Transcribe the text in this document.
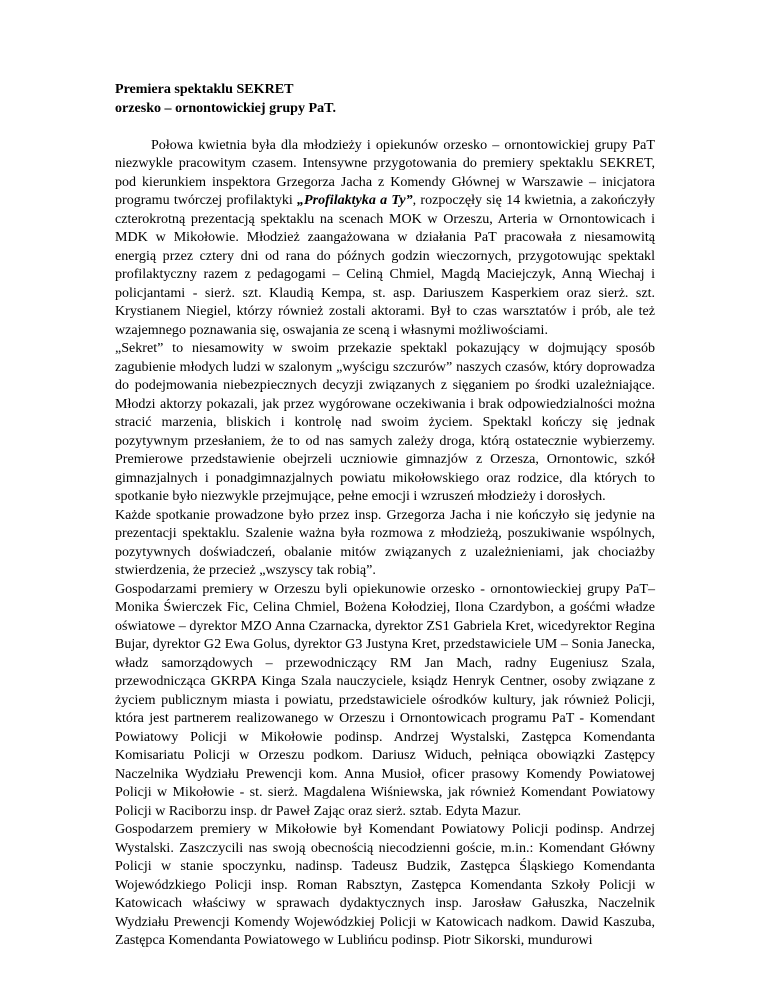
Premiera spektaklu SEKRET

orzesko – ornontowickiej grupy PaT.

Połowa kwietnia była dla młodzieży i opiekunów orzesko – ornontowickiej grupy PaT niezwykle pracowitym czasem. Intensywne przygotowania do premiery spektaklu SEKRET, pod kierunkiem inspektora Grzegorza Jacha z Komendy Głównej w Warszawie – inicjatora programu twórczej profilaktyki „Profilaktyka a Ty”, rozpoczęły się 14 kwietnia, a zakończyły czterokrotną prezentacją spektaklu na scenach MOK w Orzeszu, Arteria w Ornontowicach i MDK w Mikołowie. Młodzież zaangażowana w działania PaT pracowała z niesamowitą energią przez cztery dni od rana do późnych godzin wieczornych, przygotowując spektakl profilaktyczny razem z pedagogami – Celiną Chmiel, Magdą Maciejczyk, Anną Wiechaj i policjantami - sierż. szt. Klaudią Kempa, st. asp. Dariuszem Kasperkiem oraz sierż. szt. Krystianem Niegiel, którzy również zostali aktorami. Był to czas warsztatów i prób, ale też wzajemnego poznawania się, oswajania ze sceną i własnymi możliwościami.

„Sekret” to niesamowity w swoim przekazie spektakl pokazujący w dojmujący sposób zagubienie młodych ludzi w szalonym „wyścigu szczurów” naszych czasów, który doprowadza do podejmowania niebezpiecznych decyzji związanych z sięganiem po środki uzależniające. Młodzi aktorzy pokazali, jak przez wygórowane oczekiwania i brak odpowiedzialności można stracić marzenia, bliskich i kontrolę nad swoim życiem. Spektakl kończy się jednak pozytywnym przesłaniem, że to od nas samych zależy droga, którą ostatecznie wybierzemy. Premierowe przedstawienie obejrzeli uczniowie gimnazjów z Orzesza, Ornontowic, szkół gimnazjalnych i ponadgimnazjalnych powiatu mikołowskiego oraz rodzice, dla których to spotkanie było niezwykle przejmujące, pełne emocji i wzruszeń młodzieży i dorosłych.

Każde spotkanie prowadzone było przez insp. Grzegorza Jacha i nie kończyło się jedynie na prezentacji spektaklu. Szalenie ważna była rozmowa z młodzieżą, poszukiwanie wspólnych, pozytywnych doświadczeń, obalanie mitów związanych z uzależnieniami, jak chociażby stwierdzenia, że przecież „wszyscy tak robią”.

Gospodarzami premiery w Orzeszu byli opiekunowie orzesko - ornontowieckiej grupy PaT– Monika Świerczek Fic, Celina Chmiel, Bożena Kołodziej, Ilona Czardybon, a gośćmi władze oświatowe – dyrektor MZO Anna Czarnacka, dyrektor ZS1 Gabriela Kret, wicedyrektor Regina Bujar, dyrektor G2 Ewa Golus, dyrektor G3 Justyna Kret, przedstawiciele UM – Sonia Janecka, władz samorządowych – przewodniczący RM Jan Mach, radny Eugeniusz Szala, przewodnicząca GKRPA Kinga Szala nauczyciele, ksiądz Henryk Centner, osoby związane z życiem publicznym miasta i powiatu, przedstawiciele ośrodków kultury, jak również Policji, która jest partnerem realizowanego w Orzeszu i Ornontowicach programu PaT - Komendant Powiatowy Policji w Mikołowie podinsp. Andrzej Wystalski, Zastępca Komendanta Komisariatu Policji w Orzeszu podkom. Dariusz Widuch, pełniąca obowiązki Zastępcy Naczelnika Wydziału Prewencji kom. Anna Musioł, oficer prasowy Komendy Powiatowej Policji w Mikołowie - st. sierż. Magdalena Wiśniewska, jak również Komendant Powiatowy Policji w Raciborzu insp. dr Paweł Zając oraz sierż. sztab. Edyta Mazur.

Gospodarzem premiery w Mikołowie był Komendant Powiatowy Policji podinsp. Andrzej Wystalski. Zaszczycili nas swoją obecnością niecodzienni goście, m.in.: Komendant Główny Policji w stanie spoczynku, nadinsp. Tadeusz Budzik, Zastępca Śląskiego Komendanta Wojewódzkiego Policji insp. Roman Rabsztyn, Zastępca Komendanta Szkoły Policji w Katowicach właściwy w sprawach dydaktycznych insp. Jarosław Gałuszka, Naczelnik Wydziału Prewencji Komendy Wojewódzkiej Policji w Katowicach nadkom. Dawid Kaszuba, Zastępca Komendanta Powiatowego w Lublińcu podinsp. Piotr Sikorski, mundurowi
